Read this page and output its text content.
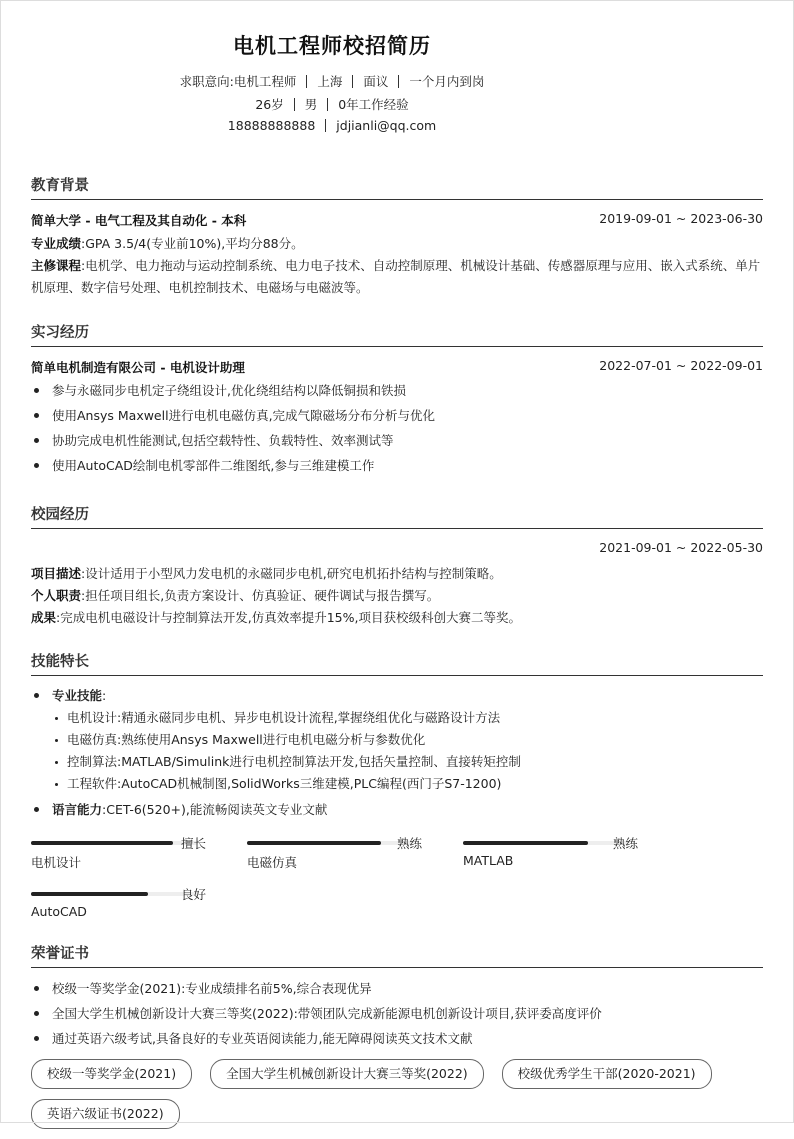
电机工程师校招简历
求职意向:电机工程师 上海 面议 一个月内到岗
26岁 男 0年工作经验
18888888888 jdjianli@qq.com
教育背景
简单大学 - 电气工程及其自动化 - 本科	2019-09-01 ~ 2023-06-30
专业成绩:GPA 3.5/4(专业前10%),平均分88分。
主修课程:电机学、电力拖动与运动控制系统、电力电子技术、自动控制原理、机械设计基础、传感器原理与应用、嵌入式系统、单片机原理、数字信号处理、电机控制技术、电磁场与电磁波等。
实习经历
简单电机制造有限公司 - 电机设计助理	2022-07-01 ~ 2022-09-01
参与永磁同步电机定子绕组设计,优化绕组结构以降低铜损和铁损
使用Ansys Maxwell进行电机电磁仿真,完成气隙磁场分布分析与优化
协助完成电机性能测试,包括空载特性、负载特性、效率测试等
使用AutoCAD绘制电机零部件二维图纸,参与三维建模工作
校园经历
2021-09-01 ~ 2022-05-30
项目描述:设计适用于小型风力发电机的永磁同步电机,研究电机拓扑结构与控制策略。
个人职责:担任项目组长,负责方案设计、仿真验证、硬件调试与报告撰写。
成果:完成电机电磁设计与控制算法开发,仿真效率提升15%,项目获校级科创大赛二等奖。
技能特长
专业技能:
电机设计:精通永磁同步电机、异步电机设计流程,掌握绕组优化与磁路设计方法
电磁仿真:熟练使用Ansys Maxwell进行电机电磁分析与参数优化
控制算法:MATLAB/Simulink进行电机控制算法开发,包括矢量控制、直接转矩控制
工程软件:AutoCAD机械制图,SolidWorks三维建模,PLC编程(西门子S7-1200)
语言能力:CET-6(520+),能流畅阅读英文专业文献
擅长
电机设计
熟练
电磁仿真
熟练
MATLAB
良好
AutoCAD
荣誉证书
校级一等奖学金(2021):专业成绩排名前5%,综合表现优异
全国大学生机械创新设计大赛三等奖(2022):带领团队完成新能源电机创新设计项目,获评委高度评价
通过英语六级考试,具备良好的专业英语阅读能力,能无障碍阅读英文技术文献
校级一等奖学金(2021)	全国大学生机械创新设计大赛三等奖(2022)	校级优秀学生干部(2020-2021)英语六级证书(2022)
